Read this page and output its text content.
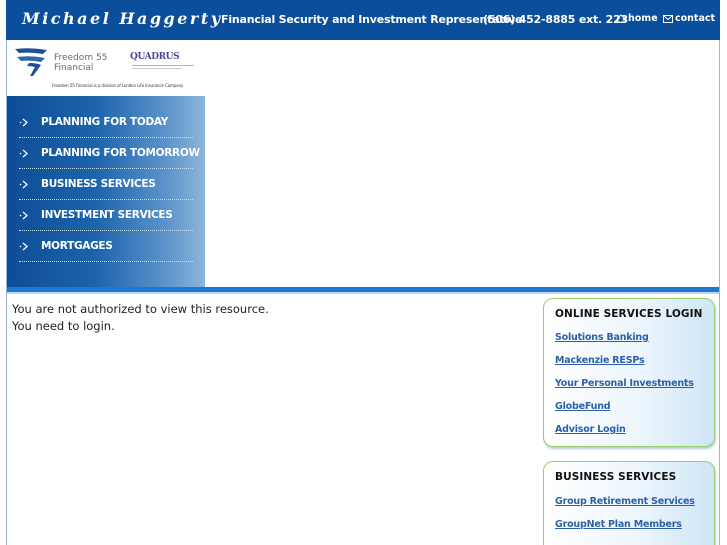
Michael Haggerty
Financial Security and Investment Representative
(506) 452-8885 ext. 223 home contact
Freedom 55
Financial
QUADRUS
Freedom 55 Financial is a division of London Life Insurance Company
PLANNING FOR TODAY
PLANNING FOR TOMORROW
BUSINESS SERVICES
INVESTMENT SERVICES
MORTGAGES
You are not authorized to view this resource.
You need to login.
ONLINE SERVICES LOGIN
Solutions Banking
Mackenzie RESPs
Your Personal Investments
GlobeFund
Advisor Login
BUSINESS SERVICES
Group Retirement Services
GroupNet Plan Members
